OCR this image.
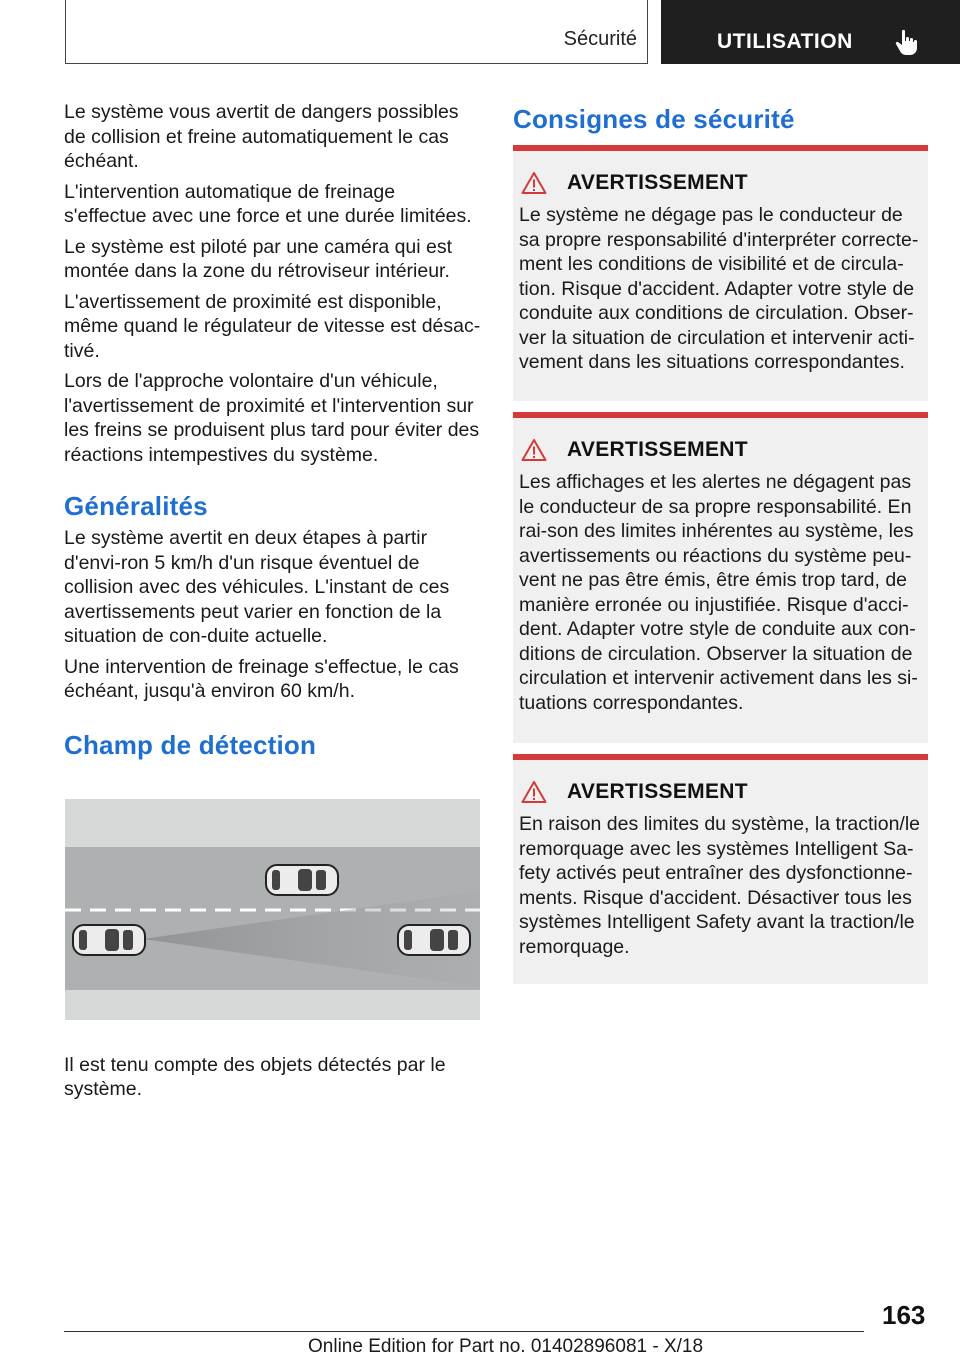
Sécurité	UTILISATION

Le système vous avertit de dangers possibles de collision et freine automatiquement le cas échéant.

L'intervention automatique de freinage s'effectue avec une force et une durée limitées.

Le système est piloté par une caméra qui est montée dans la zone du rétroviseur intérieur.

L'avertissement de proximité est disponible, même quand le régulateur de vitesse est désac-tivé.

Lors de l'approche volontaire d'un véhicule, l'avertissement de proximité et l'intervention sur les freins se produisent plus tard pour éviter des réactions intempestives du système.

Généralités

Le système avertit en deux étapes à partir d'envi-ron 5 km/h d'un risque éventuel de collision avec des véhicules. L'instant de ces avertissements peut varier en fonction de la situation de con-duite actuelle.

Une intervention de freinage s'effectue, le cas échéant, jusqu'à environ 60 km/h.

Champ de détection

Il est tenu compte des objets détectés par le système.

Consignes de sécurité
AVERTISSEMENT

Le système ne dégage pas le conducteur de sa propre responsabilité d'interpréter correcte-ment les conditions de visibilité et de circula-tion. Risque d'accident. Adapter votre style de conduite aux conditions de circulation. Obser-ver la situation de circulation et intervenir acti-vement dans les situations correspondantes.

AVERTISSEMENT

Les affichages et les alertes ne dégagent pas le conducteur de sa propre responsabilité. En rai-son des limites inhérentes au système, les avertissements ou réactions du système peu-vent ne pas être émis, être émis trop tard, de manière erronée ou injustifiée. Risque d'acci-dent. Adapter votre style de conduite aux con-ditions de circulation. Observer la situation de circulation et intervenir activement dans les si-tuations correspondantes.

AVERTISSEMENT

En raison des limites du système, la traction/le remorquage avec les systèmes Intelligent Sa-fety activés peut entraîner des dysfonctionne-ments. Risque d'accident. Désactiver tous les systèmes Intelligent Safety avant la traction/le remorquage.

163
Online Edition for Part no. 01402896081 - X/18
